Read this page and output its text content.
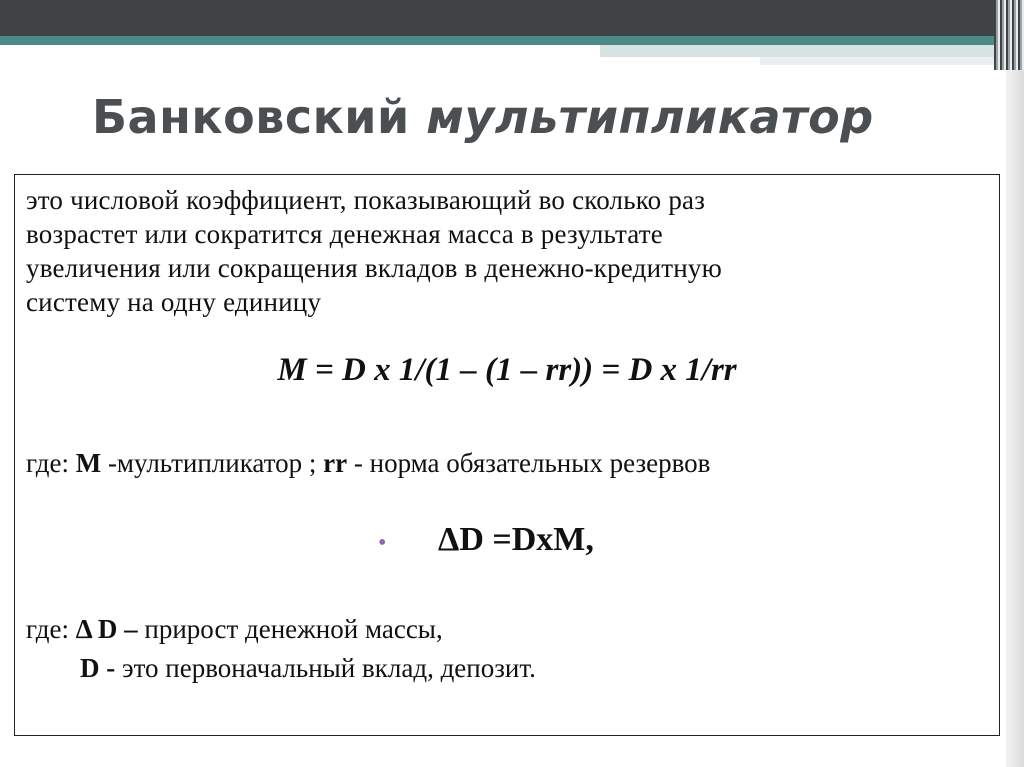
Банковский мультипликатор
это числовой коэффициент, показывающий во сколько раз
возрастет или сократится денежная масса в результате
увеличения или сокращения вкладов в денежно-кредитную
систему на одну единицу
M = D x 1/(1 – (1 – rr)) = D x 1/rr
где: М -мультипликатор ; rr - норма обязательных резервов
• ΔD =DxM,
где: Δ D – прирост денежной массы,
D - это первоначальный вклад, депозит.
